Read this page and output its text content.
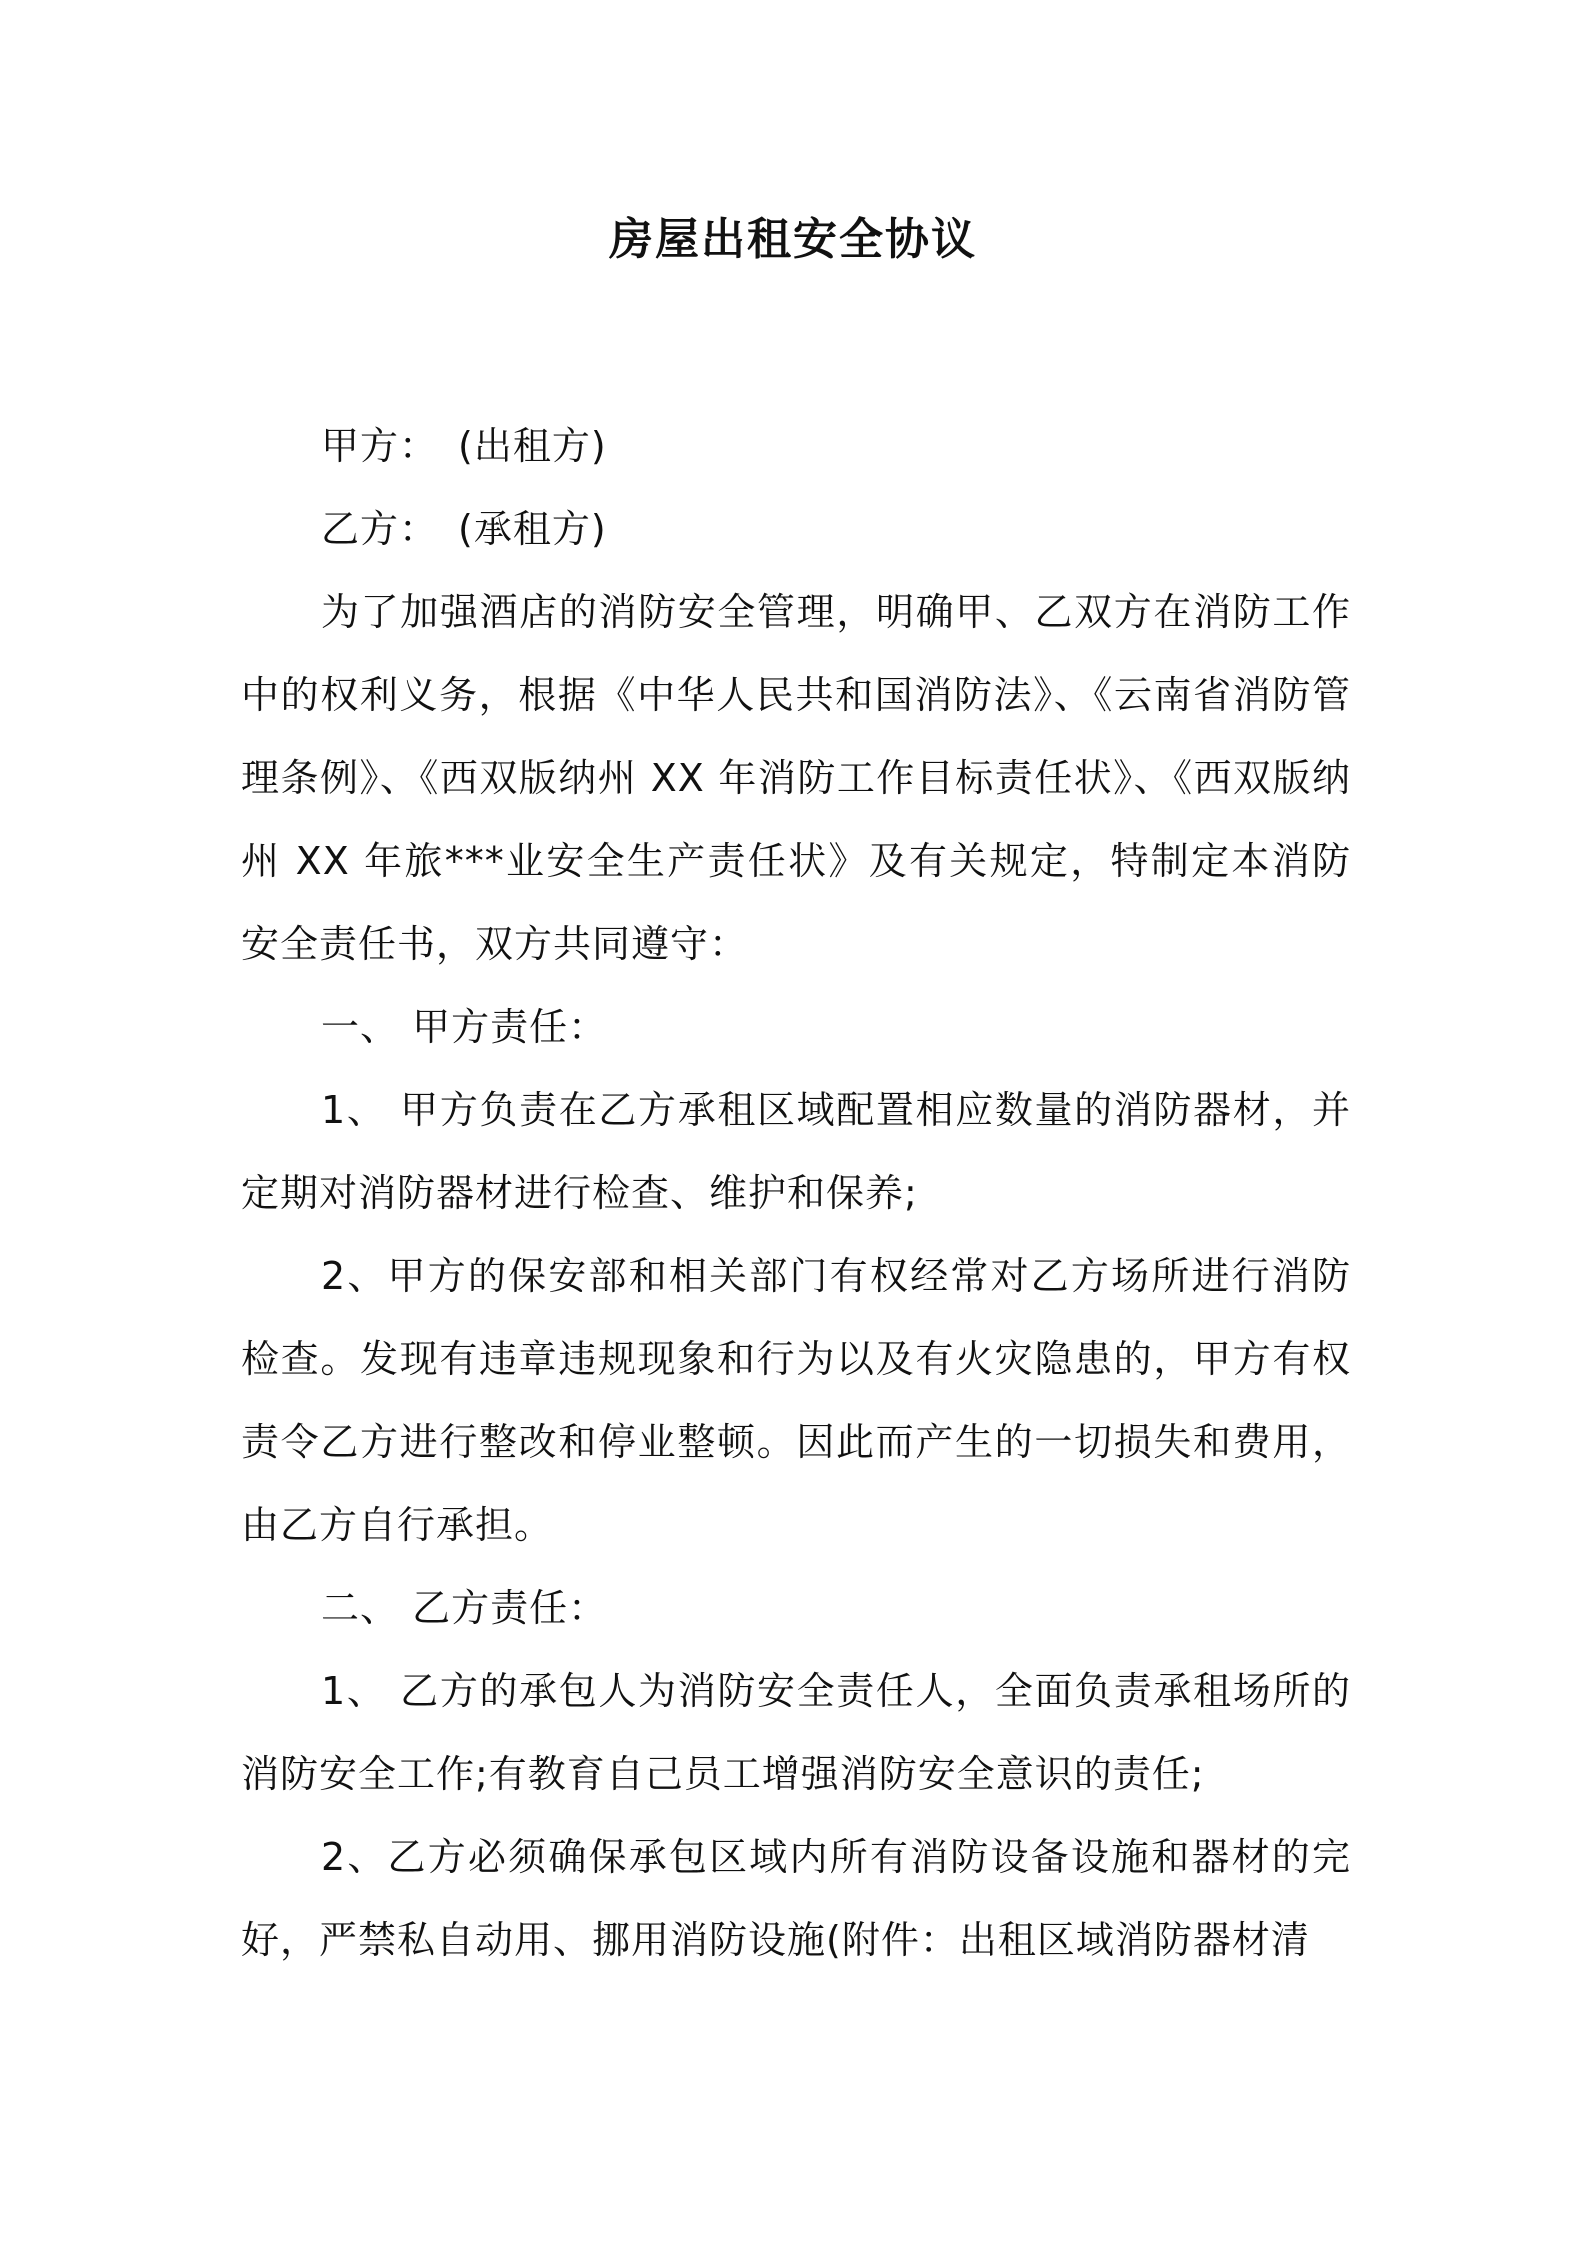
房屋出租安全协议

甲方： (出租方)

乙方： (承租方)

为了加强酒店的消防安全管理，明确甲、乙双方在消防工作中的权利义务，根据《中华人民共和国消防法》、《云南省消防管理条例》、《西双版纳州 XX 年消防工作目标责任状》、《西双版纳州 XX 年旅***业安全生产责任状》及有关规定，特制定本消防安全责任书，双方共同遵守：

一、 甲方责任：

1、 甲方负责在乙方承租区域配置相应数量的消防器材，并定期对消防器材进行检查、维护和保养;

2、甲方的保安部和相关部门有权经常对乙方场所进行消防检查。发现有违章违规现象和行为以及有火灾隐患的，甲方有权责令乙方进行整改和停业整顿。因此而产生的一切损失和费用，由乙方自行承担。

二、 乙方责任：

1、 乙方的承包人为消防安全责任人，全面负责承租场所的消防安全工作;有教育自己员工增强消防安全意识的责任;

2、乙方必须确保承包区域内所有消防设备设施和器材的完好，严禁私自动用、挪用消防设施(附件：出租区域消防器材清
